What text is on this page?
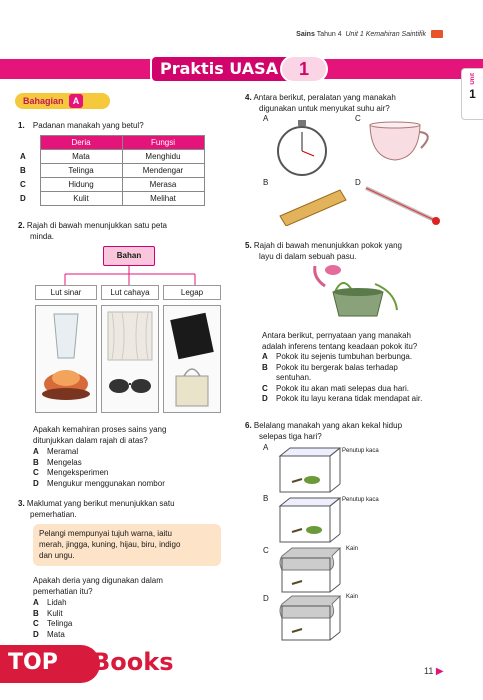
Sains Tahun 4 Unit 1 Kemahiran Saintifik
Praktis UASA	1	Unit
1
Bahagian A
1. Padanan manakah yang betul?
	Deria	Fungsi
A	Mata	Menghidu
B	Telinga	Mendengar
C	Hidung	Merasa
D	Kulit	Melihat
2. Rajah di bawah menunjukkan satu peta
minda.
Bahan
Lut sinar	Lut cahaya	Legap
Apakah kemahiran proses sains yang
ditunjukkan dalam rajah di atas?
A Meramal
B Mengelas
C Mengeksperimen
D Mengukur menggunakan nombor
3. Maklumat yang berikut menunjukkan satu
pemerhatian.
Pelangi mempunyai tujuh warna, iaitu
merah, jingga, kuning, hijau, biru, indigo
dan ungu.
Apakah deria yang digunakan dalam
pemerhatian itu?
A Lidah
B Kulit
C Telinga
D Mata
TOP Books
4. Antara berikut, peralatan yang manakah
digunakan untuk menyukat suhu air?
A	C
B	D
5. Rajah di bawah menunjukkan pokok yang
layu di dalam sebuah pasu.
Antara berikut, pernyataan yang manakah
adalah inferens tentang keadaan pokok itu?
A Pokok itu sejenis tumbuhan berbunga.
B Pokok itu bergerak balas terhadap
sentuhan.
C Pokok itu akan mati selepas dua hari.
D Pokok itu layu kerana tidak mendapat air.
6. Belalang manakah yang akan kekal hidup
selepas tiga hari?
A	Penutup kaca
B	Penutup kaca
C	Kain
D	Kain
11 ▶
